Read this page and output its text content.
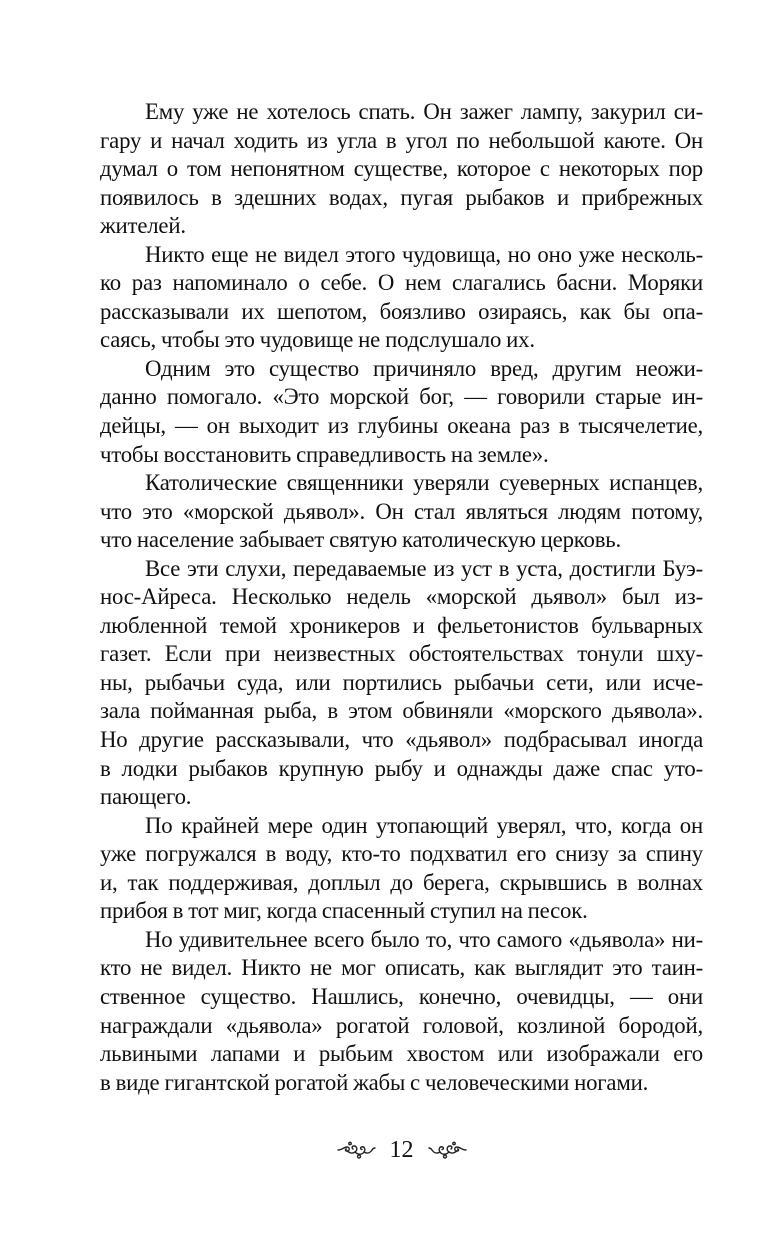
Ему уже не хотелось спать. Он зажег лампу, закурил си-
гару и начал ходить из угла в угол по небольшой каюте. Он
думал о том непонятном существе, которое с некоторых пор
появилось в здешних водах, пугая рыбаков и прибрежных
жителей.
Никто еще не видел этого чудовища, но оно уже несколь-
ко раз напоминало о себе. О нем слагались басни. Моряки
рассказывали их шепотом, боязливо озираясь, как бы опа-
саясь, чтобы это чудовище не подслушало их.
Одним это существо причиняло вред, другим неожи-
данно помогало. «Это морской бог, — говорили старые ин-
дейцы, — он выходит из глубины океана раз в тысячелетие,
чтобы восстановить справедливость на земле».
Католические священники уверяли суеверных испанцев,
что это «морской дьявол». Он стал являться людям потому,
что население забывает святую католическую церковь.
Все эти слухи, передаваемые из уст в уста, достигли Буэ-
нос-Айреса. Несколько недель «морской дьявол» был из-
любленной темой хроникеров и фельетонистов бульварных
газет. Если при неизвестных обстоятельствах тонули шху-
ны, рыбачьи суда, или портились рыбачьи сети, или исче-
зала пойманная рыба, в этом обвиняли «морского дьявола».
Но другие рассказывали, что «дьявол» подбрасывал иногда
в лодки рыбаков крупную рыбу и однажды даже спас уто-
пающего.
По крайней мере один утопающий уверял, что, когда он
уже погружался в воду, кто-то подхватил его снизу за спину
и, так поддерживая, доплыл до берега, скрывшись в волнах
прибоя в тот миг, когда спасенный ступил на песок.
Но удивительнее всего было то, что самого «дьявола» ни-
кто не видел. Никто не мог описать, как выглядит это таин-
ственное существо. Нашлись, конечно, очевидцы, — они
награждали «дьявола» рогатой головой, козлиной бородой,
львиными лапами и рыбьим хвостом или изображали его
в виде гигантской рогатой жабы с человеческими ногами.
12
